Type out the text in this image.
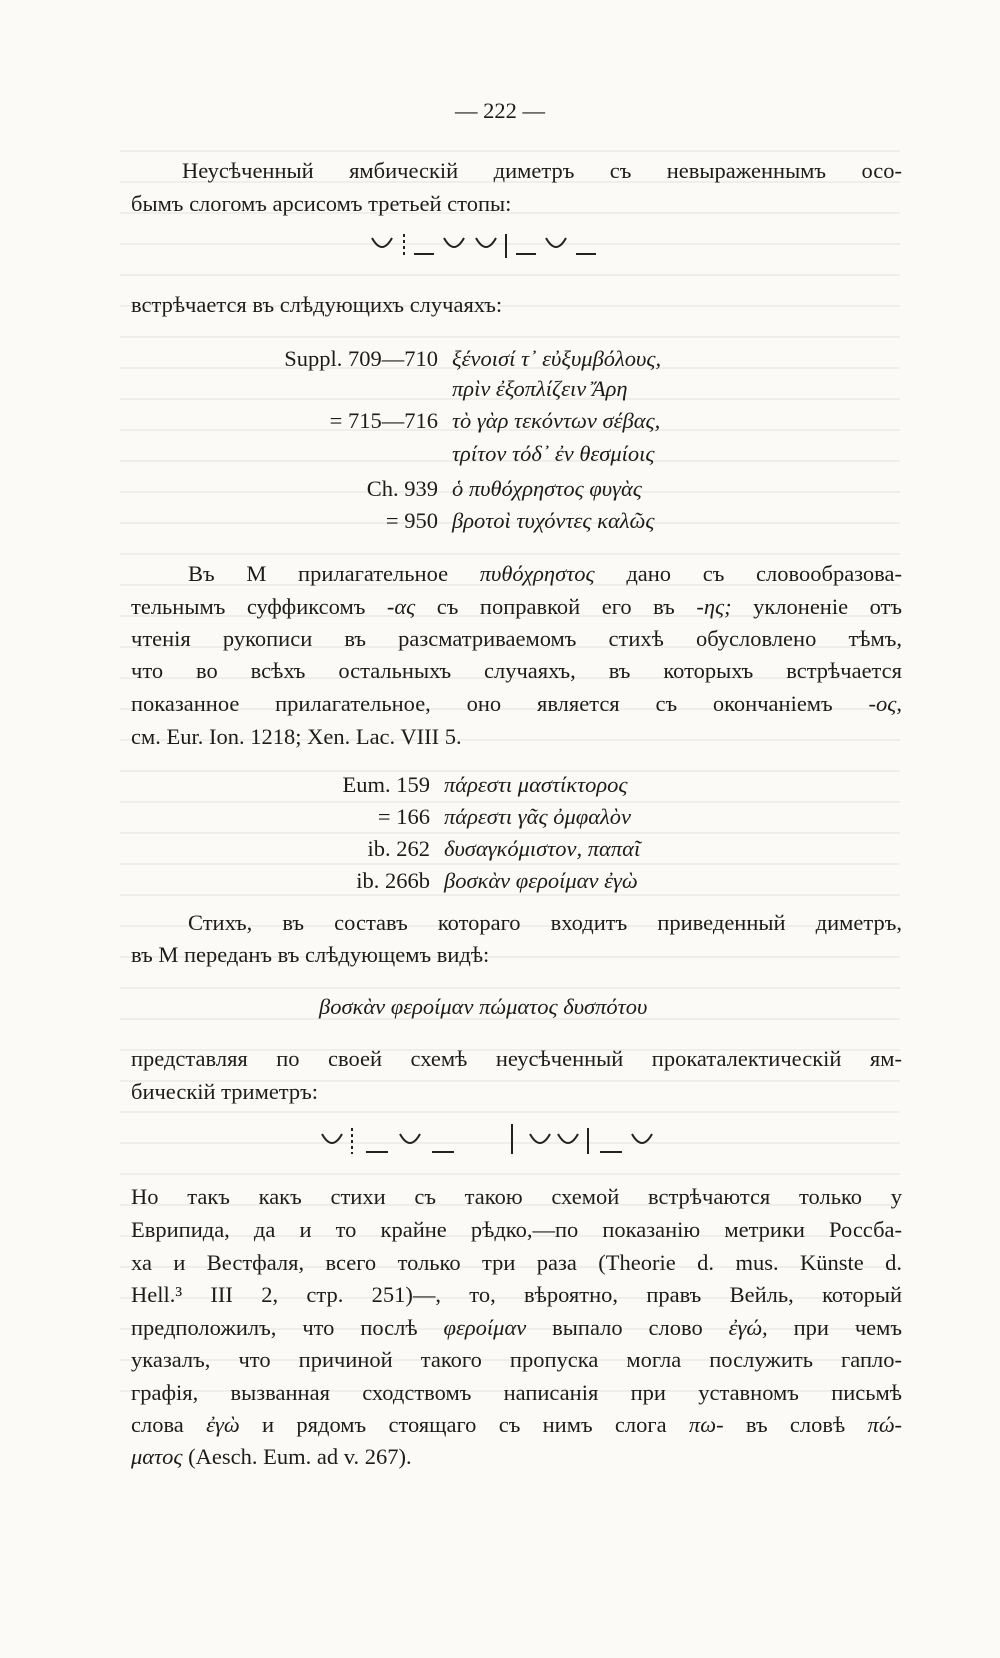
— 222 —
Неусѣченный ямбическій диметръ съ невыраженнымъ осо-
бымъ слогомъ арсисомъ третьей стопы:
встрѣчается въ слѣдующихъ случаяхъ:
Suppl. 709—710 ξένοισί τ᾽ εὐξυμβόλους,
πρὶν ἐξοπλίζειν Ἄρη
= 715—716 τὸ γὰρ τεκόντων σέβας,
τρίτον τόδ᾽ ἐν θεσμίοις
Ch. 939 ὁ πυθόχρηστος φυγὰς
= 950 βροτοὶ τυχόντες καλῶς
Въ М прилагательное πυθόχρηστος дано съ словообразова-
тельнымъ суффиксомъ -ας съ поправкой его въ -ης; уклоненіе отъ
чтенія рукописи въ разсматриваемомъ стихѣ обусловлено тѣмъ,
что во всѣхъ остальныхъ случаяхъ, въ которыхъ встрѣчается
показанное прилагательное, оно является съ окончаніемъ -ος,
см. Eur. Ion. 1218; Xen. Lac. VIII 5.
Eum. 159 πάρεστι μαστίκτορος
= 166 πάρεστι γᾶς ὀμφαλὸν
ib. 262 δυσαγκόμιστον, παπαῖ
ib. 266b βοσκὰν φεροίμαν ἐγὼ
Стихъ, въ составъ котораго входитъ приведенный диметръ,
въ М переданъ въ слѣдующемъ видѣ:
βοσκὰν φεροίμαν πώματος δυσπότου
представляя по своей схемѣ неусѣченный прокаталектическій ям-
бическій триметръ:
Но такъ какъ стихи съ такою схемой встрѣчаются только у
Еврипида, да и то крайне рѣдко,—по показанію метрики Россба-
ха и Вестфаля, всего только три раза (Theorie d. mus. Künste d.
Hell.³ III 2, стр. 251)—, то, вѣроятно, правъ Вейль, который
предположилъ, что послѣ φεροίμαν выпало слово ἐγώ, при чемъ
указалъ, что причиной такого пропуска могла послужить гапло-
графія, вызванная сходствомъ написанія при уставномъ письмѣ
слова ἐγὼ и рядомъ стоящаго съ нимъ слога πω- въ словѣ πώ-
ματος (Aesch. Eum. ad v. 267).
